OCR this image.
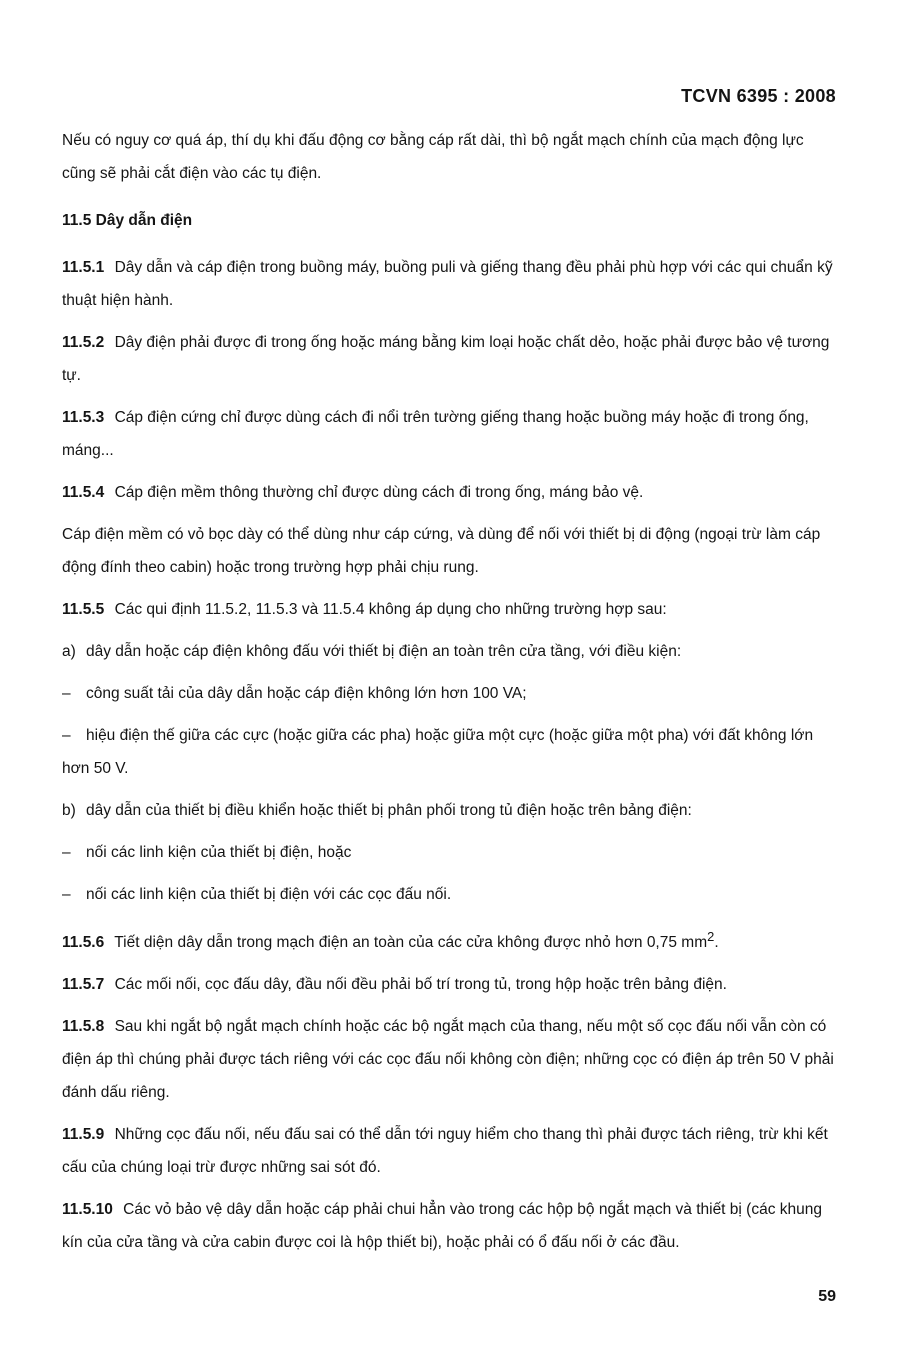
TCVN 6395 : 2008

Nếu có nguy cơ quá áp, thí dụ khi đấu động cơ bằng cáp rất dài, thì bộ ngắt mạch chính của mạch động lực cũng sẽ phải cắt điện vào các tụ điện.

11.5 Dây dẫn điện

11.5.1 Dây dẫn và cáp điện trong buồng máy, buồng puli và giếng thang đều phải phù hợp với các qui chuẩn kỹ thuật hiện hành.

11.5.2 Dây điện phải được đi trong ống hoặc máng bằng kim loại hoặc chất dẻo, hoặc phải được bảo vệ tương tự.

11.5.3 Cáp điện cứng chỉ được dùng cách đi nổi trên tường giếng thang hoặc buồng máy hoặc đi trong ống, máng...

11.5.4 Cáp điện mềm thông thường chỉ được dùng cách đi trong ống, máng bảo vệ.

Cáp điện mềm có vỏ bọc dày có thể dùng như cáp cứng, và dùng để nối với thiết bị di động (ngoại trừ làm cáp động đính theo cabin) hoặc trong trường hợp phải chịu rung.

11.5.5 Các qui định 11.5.2, 11.5.3 và 11.5.4 không áp dụng cho những trường hợp sau:

a) dây dẫn hoặc cáp điện không đấu với thiết bị điện an toàn trên cửa tầng, với điều kiện:
– công suất tải của dây dẫn hoặc cáp điện không lớn hơn 100 VA;
– hiệu điện thế giữa các cực (hoặc giữa các pha) hoặc giữa một cực (hoặc giữa một pha) với đất không lớn hơn 50 V.
b) dây dẫn của thiết bị điều khiển hoặc thiết bị phân phối trong tủ điện hoặc trên bảng điện:
– nối các linh kiện của thiết bị điện, hoặc
– nối các linh kiện của thiết bị điện với các cọc đấu nối.

11.5.6 Tiết diện dây dẫn trong mạch điện an toàn của các cửa không được nhỏ hơn 0,75 $mm^2$.

11.5.7 Các mối nối, cọc đấu dây, đầu nối đều phải bố trí trong tủ, trong hộp hoặc trên bảng điện.

11.5.8 Sau khi ngắt bộ ngắt mạch chính hoặc các bộ ngắt mạch của thang, nếu một số cọc đấu nối vẫn còn có điện áp thì chúng phải được tách riêng với các cọc đấu nối không còn điện; những cọc có điện áp trên 50 V phải đánh dấu riêng.

11.5.9 Những cọc đấu nối, nếu đấu sai có thể dẫn tới nguy hiểm cho thang thì phải được tách riêng, trừ khi kết cấu của chúng loại trừ được những sai sót đó.

11.5.10 Các vỏ bảo vệ dây dẫn hoặc cáp phải chui hẳn vào trong các hộp bộ ngắt mạch và thiết bị (các khung kín của cửa tầng và cửa cabin được coi là hộp thiết bị), hoặc phải có ổ đấu nối ở các đầu.

59
